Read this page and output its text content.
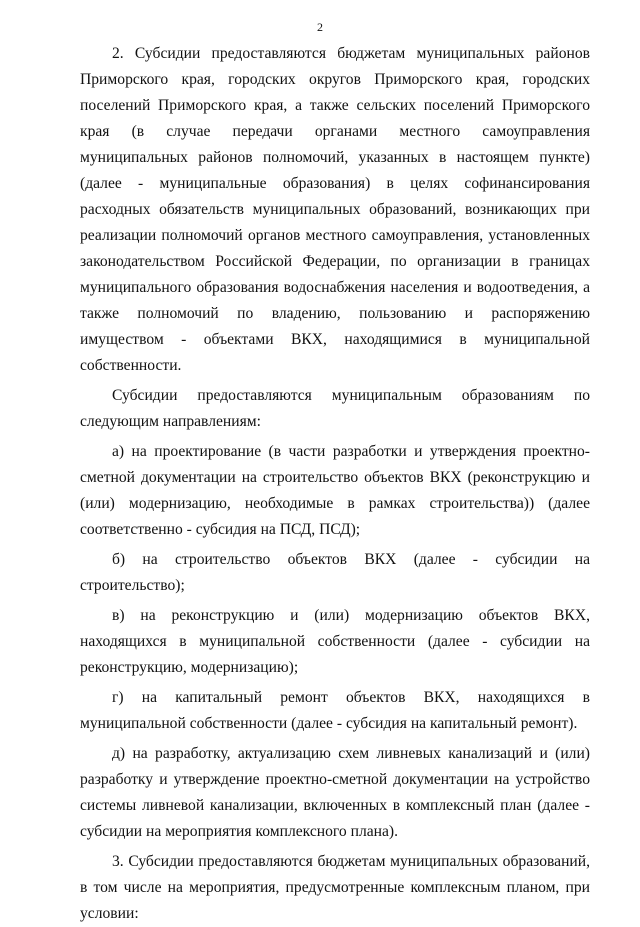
2

2. Субсидии предоставляются бюджетам муниципальных районов Приморского края, городских округов Приморского края, городских поселений Приморского края, а также сельских поселений Приморского края (в случае передачи органами местного самоуправления муниципальных районов полномочий, указанных в настоящем пункте) (далее - муниципальные образования) в целях софинансирования расходных обязательств муниципальных образований, возникающих при реализации полномочий органов местного самоуправления, установленных законодательством Российской Федерации, по организации в границах муниципального образования водоснабжения населения и водоотведения, а также полномочий по владению, пользованию и распоряжению имуществом - объектами ВКХ, находящимися в муниципальной собственности.

Субсидии предоставляются муниципальным образованиям по следующим направлениям:

а) на проектирование (в части разработки и утверждения проектно-сметной документации на строительство объектов ВКХ (реконструкцию и (или) модернизацию, необходимые в рамках строительства)) (далее соответственно - субсидия на ПСД, ПСД);

б) на строительство объектов ВКХ (далее - субсидии на строительство);

в) на реконструкцию и (или) модернизацию объектов ВКХ, находящихся в муниципальной собственности (далее - субсидии на реконструкцию, модернизацию);

г) на капитальный ремонт объектов ВКХ, находящихся в муниципальной собственности (далее - субсидия на капитальный ремонт).

д) на разработку, актуализацию схем ливневых канализаций и (или) разработку и утверждение проектно-сметной документации на устройство системы ливневой канализации, включенных в комплексный план (далее - субсидии на мероприятия комплексного плана).

3. Субсидии предоставляются бюджетам муниципальных образований, в том числе на мероприятия, предусмотренные комплексным планом, при условии:
